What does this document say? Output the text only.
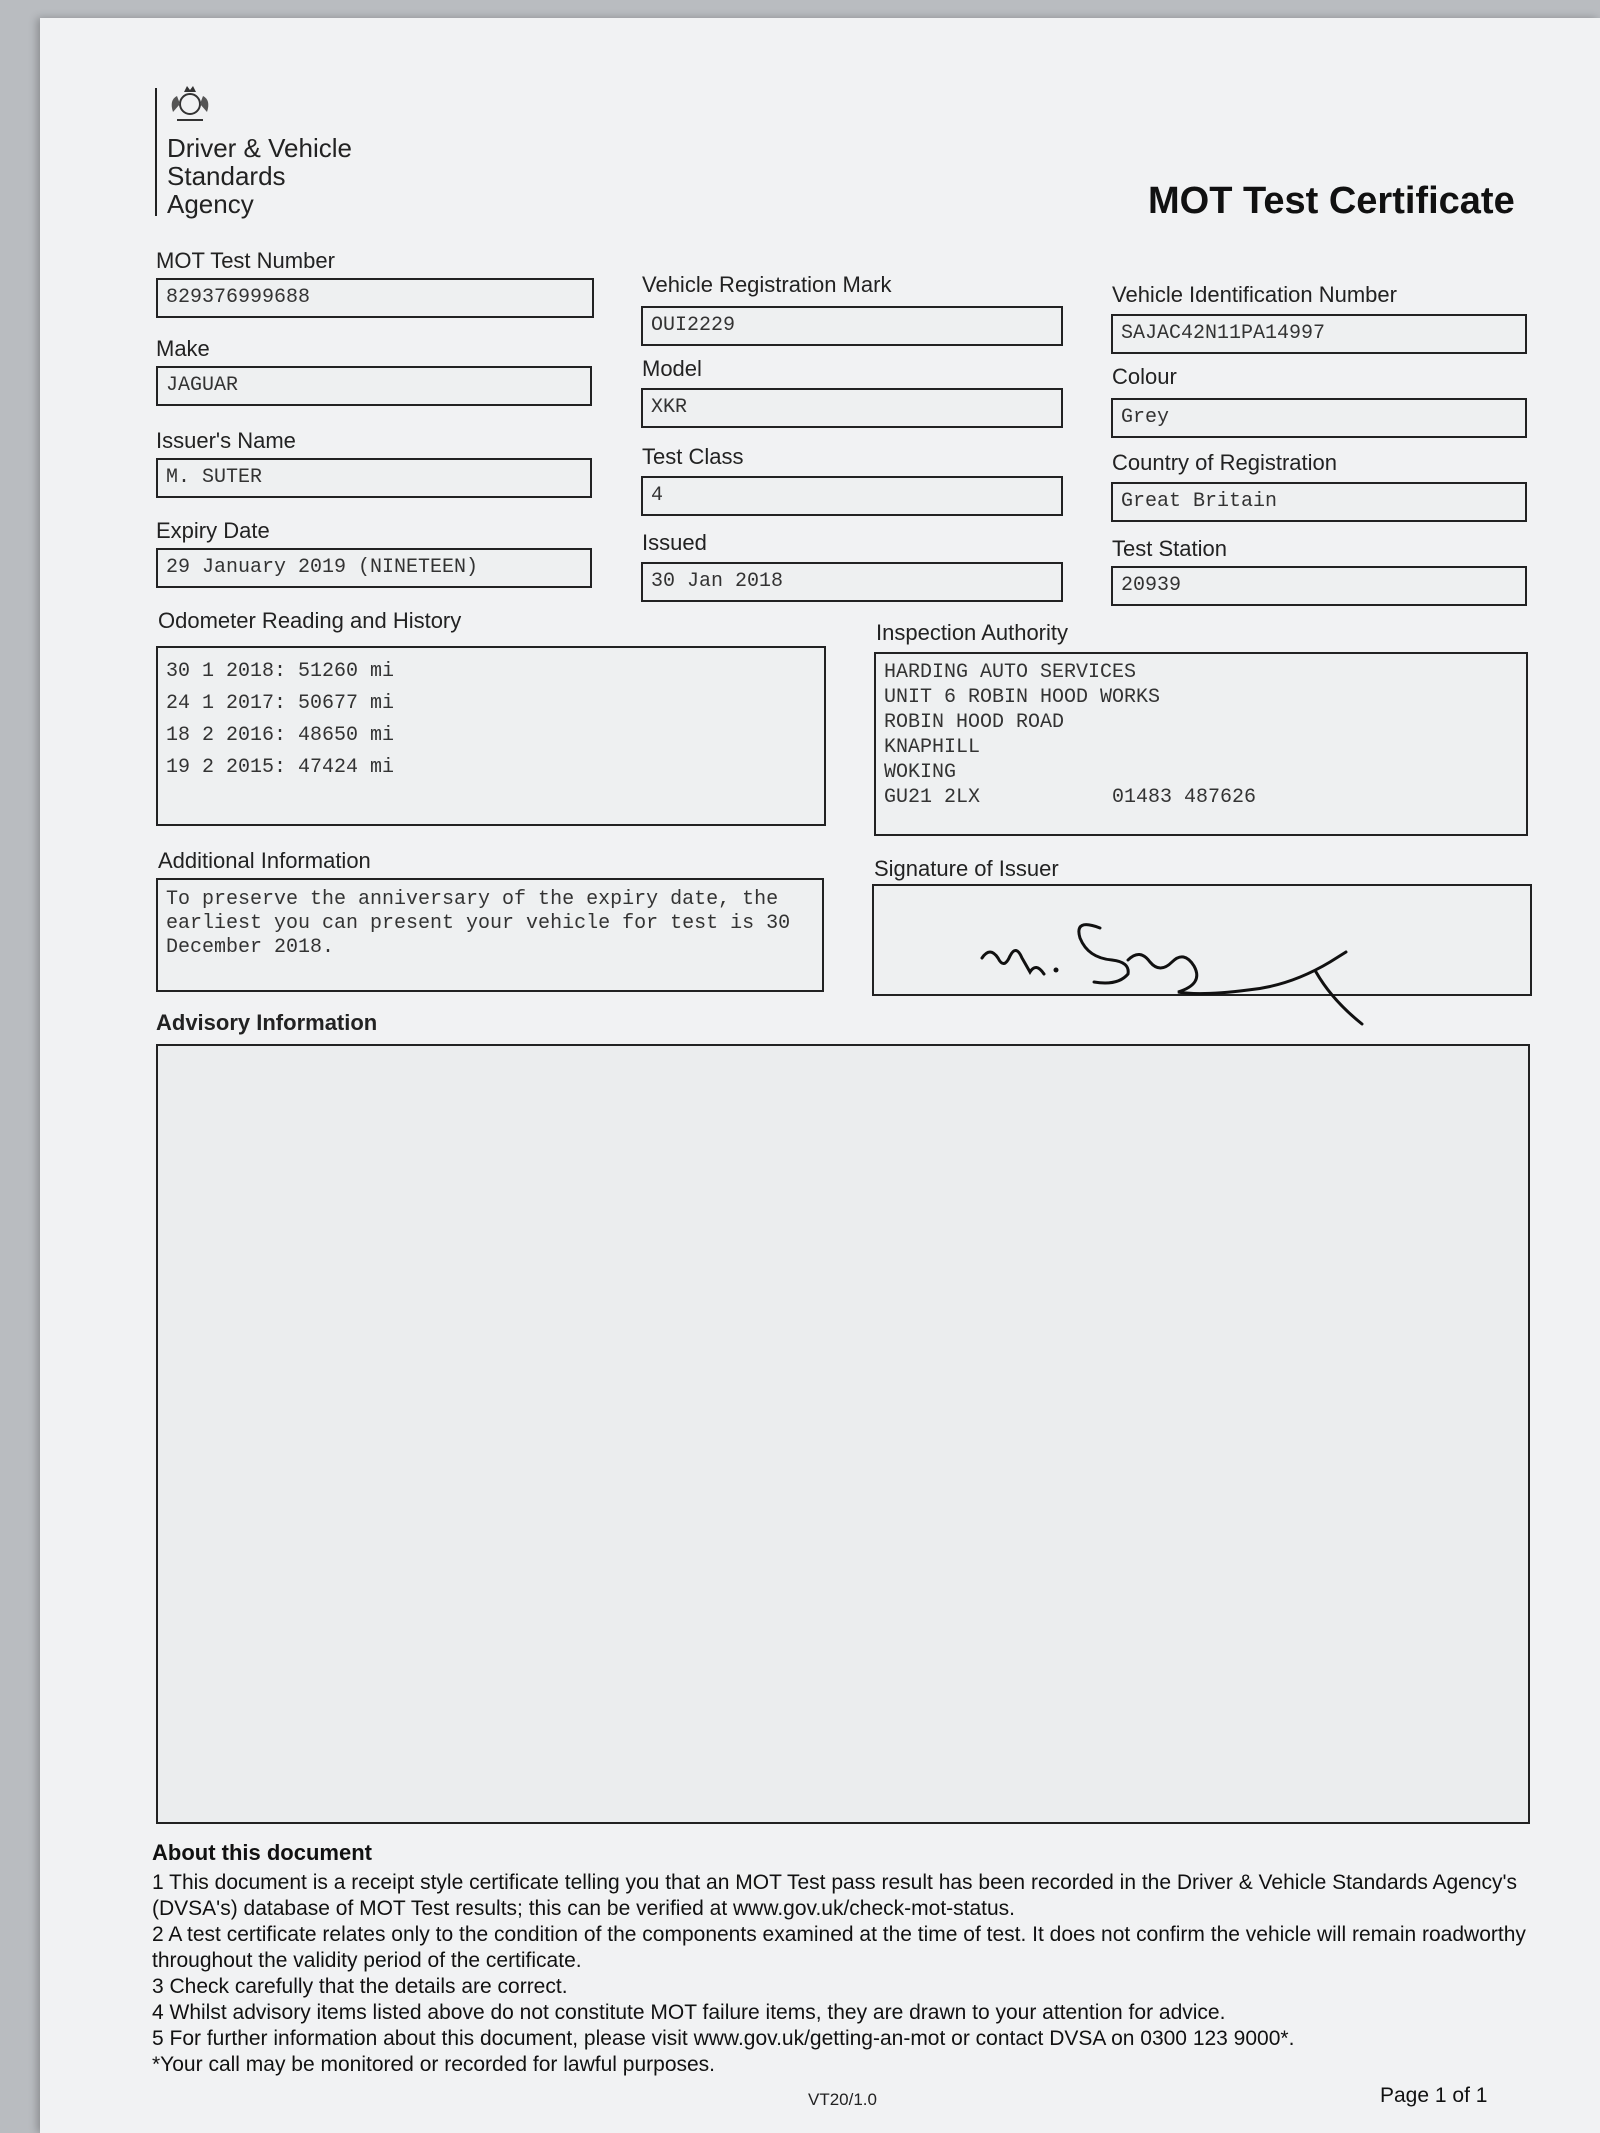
Driver & Vehicle
Standards
Agency	MOT Test Certificate
MOT Test Number
829376999688
Make
JAGUAR
Issuer's Name
M. SUTER
Expiry Date
29 January 2019 (NINETEEN)
Vehicle Registration Mark
OUI2229
Model
XKR
Test Class
4
Issued
30 Jan 2018
Vehicle Identification Number
SAJAC42N11PA14997
Colour
Grey
Country of Registration
Great Britain
Test Station
20939
Odometer Reading and History
30 1 2018: 51260 mi
24 1 2017: 50677 mi
18 2 2016: 48650 mi
19 2 2015: 47424 mi
Inspection Authority
HARDING AUTO SERVICES
UNIT 6 ROBIN HOOD WORKS
ROBIN HOOD ROAD
KNAPHILL
WOKING
GU21 2LX           01483 487626
Additional Information
To preserve the anniversary of the expiry date, the earliest you can present your vehicle for test is 30 December 2018.
Signature of Issuer
Advisory Information
About this document

1 This document is a receipt style certificate telling you that an MOT Test pass result has been recorded in the Driver & Vehicle Standards Agency's (DVSA's) database of MOT Test results; this can be verified at www.gov.uk/check-mot-status.

2 A test certificate relates only to the condition of the components examined at the time of test. It does not confirm the vehicle will remain roadworthy throughout the validity period of the certificate.

3 Check carefully that the details are correct.

4 Whilst advisory items listed above do not constitute MOT failure items, they are drawn to your attention for advice.

5 For further information about this document, please visit www.gov.uk/getting-an-mot or contact DVSA on 0300 123 9000*.

*Your call may be monitored or recorded for lawful purposes.

VT20/1.0	Page 1 of 1
